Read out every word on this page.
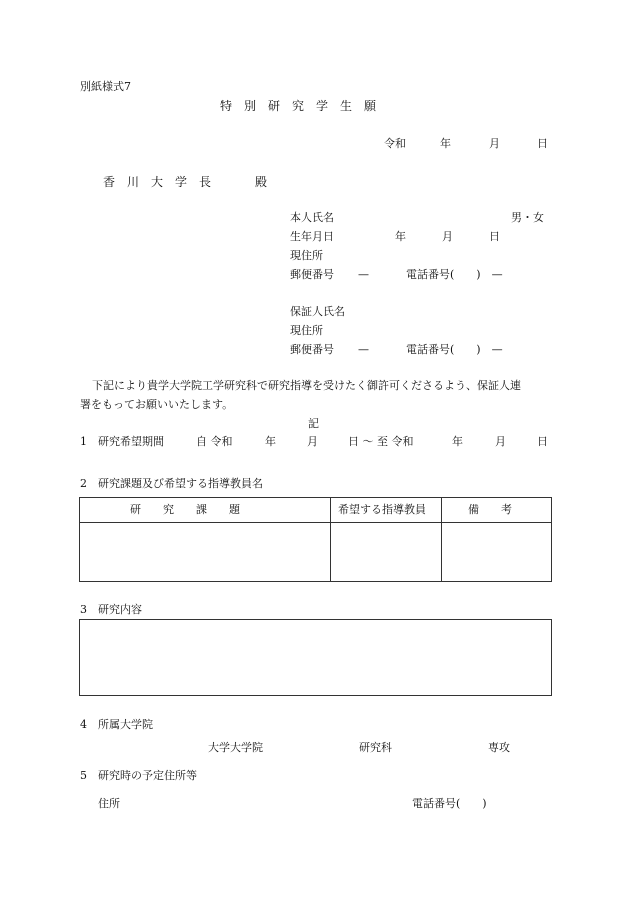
別紙様式7
特　別　研　究　学　生　願
令和	年	月	日
香　川　大　学　長	殿
本人氏名	男・女
生年月日	年	月	日
現住所
郵便番号 —	電話番号(　　)　—
保証人氏名
現住所
郵便番号 —	電話番号(　　)　—
下記により貴学大学院工学研究科で研究指導を受けたく御許可くださるよう、保証人連
署をもってお願いいたします。
記
1　研究希望期間	自 令和	年	月	日 〜 至 令和	年	月	日
2　研究課題及び希望する指導教員名
研　　究　　課　　題	希望する指導教員	備　　考
3　研究内容
4　所属大学院
大学大学院	研究科	専攻
5　研究時の予定住所等
住所	電話番号(　　)
